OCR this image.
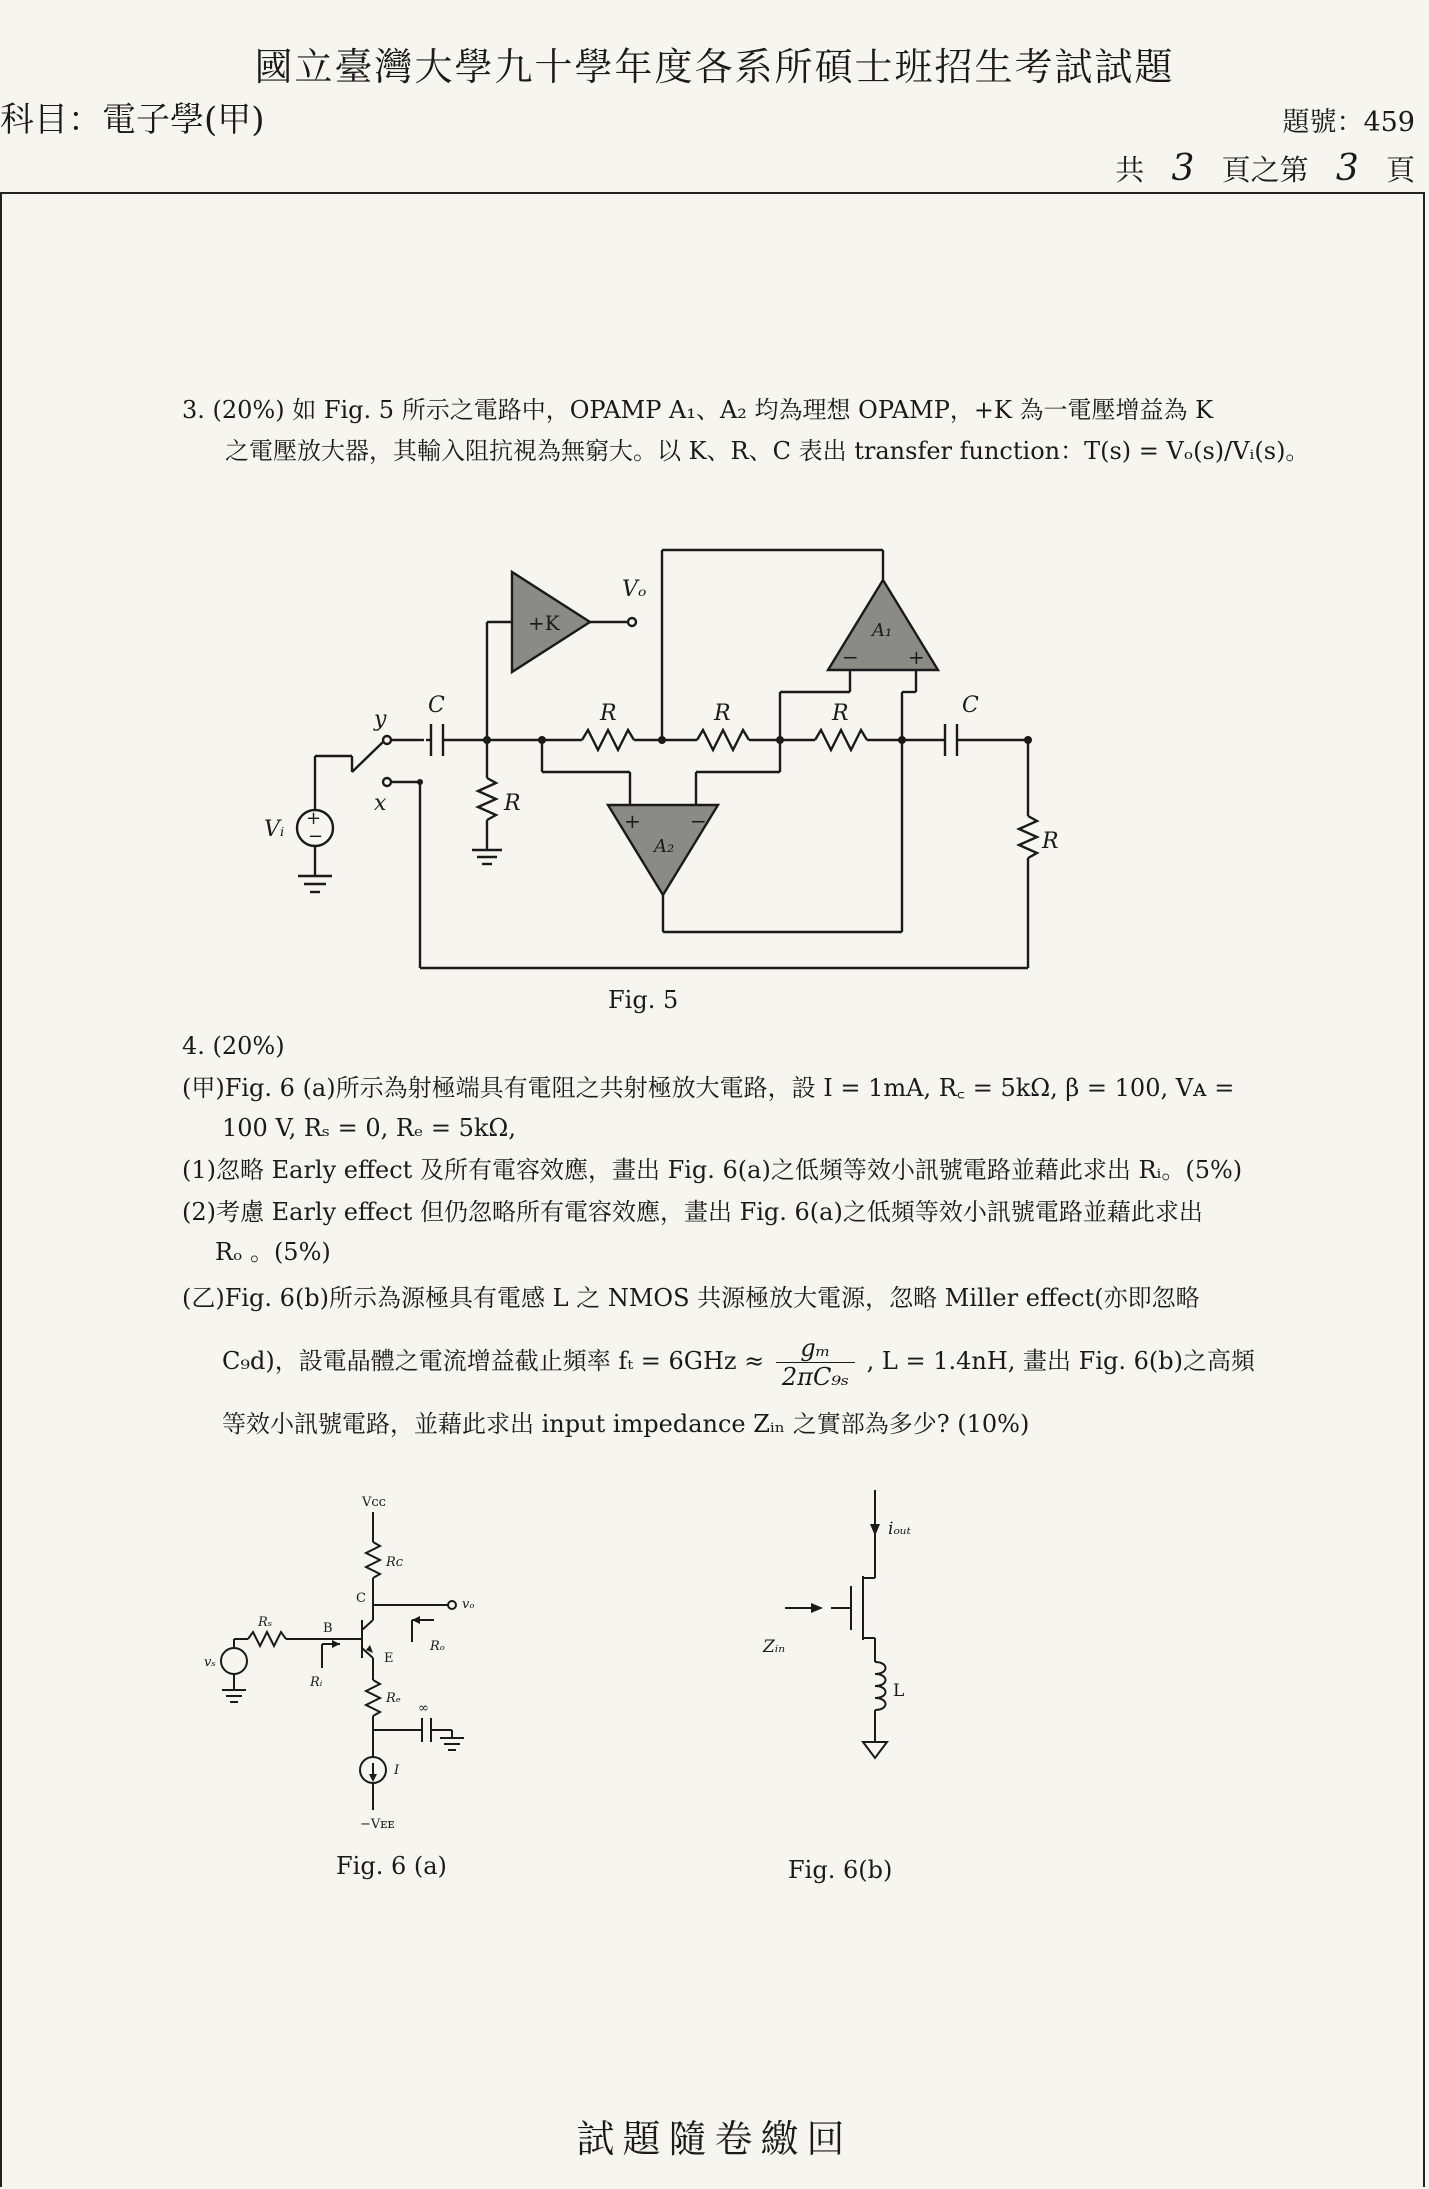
國立臺灣大學九十學年度各系所碩士班招生考試試題
科目：電子學(甲)	題號：459
共 3 頁之第 3 頁
3. (20%) 如 Fig. 5 所示之電路中，OPAMP A₁、A₂ 均為理想 OPAMP，+K 為一電壓增益為 K
之電壓放大器，其輸入阻抗視為無窮大。以 K、R、C 表出 transfer function：T(s) = Vₒ(s)/Vᵢ(s)。
+
−
Vᵢ
y
x
C
R
+K
Vₒ
R	R	R	C
R
A₁
− +
A₂
+ −
Fig. 5
4. (20%)
(甲)Fig. 6 (a)所示為射極端具有電阻之共射極放大電路，設 I = 1mA, R꜀ = 5kΩ, β = 100, Vᴀ =
100 V, Rₛ = 0, Rₑ = 5kΩ,
(1)忽略 Early effect 及所有電容效應，畫出 Fig. 6(a)之低頻等效小訊號電路並藉此求出 Rᵢ。(5%)
(2)考慮 Early effect 但仍忽略所有電容效應，畫出 Fig. 6(a)之低頻等效小訊號電路並藉此求出
Rₒ 。(5%)
(乙)Fig. 6(b)所示為源極具有電感 L 之 NMOS 共源極放大電源，忽略 Miller effect(亦即忽略
C₉d)，設電晶體之電流增益截止頻率 $f_t = 6GHz \approx \frac{\text{gₘ}}{\text{2πC₉ₛ}}$ , L = 1.4nH, 畫出 Fig. 6(b)之高頻
等效小訊號電路，並藉此求出 input impedance Zᵢₙ 之實部為多少? (10%)
Vᴄᴄ
Rᴄ
C	vₒ
Rₛ	B
vₛ
Rₒ
E
Rᵢ
Rₑ
∞
I
−Vᴇᴇ
Fig. 6 (a)
iₒᵤₜ
Zᵢₙ
L
Fig. 6(b)
試題隨卷繳回
